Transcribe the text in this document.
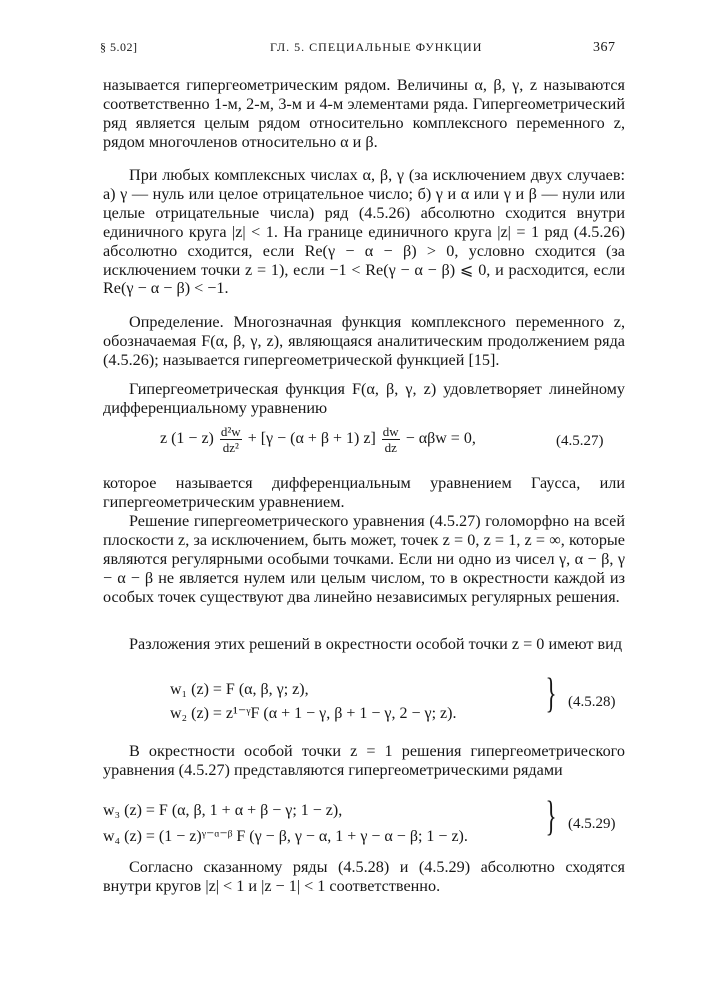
§ 5.02]	ГЛ. 5. СПЕЦИАЛЬНЫЕ ФУНКЦИИ	367
называется гипергеометрическим рядом. Величины α, β, γ, z называются соответственно 1-м, 2-м, 3-м и 4-м элементами ряда. Гипергеометрический ряд является целым рядом относительно комплексного переменного z, рядом многочленов относительно α и β.
При любых комплексных числах α, β, γ (за исключением двух случаев: а) γ — нуль или целое отрицательное число; б) γ и α или γ и β — нули или целые отрицательные числа) ряд (4.5.26) абсолютно сходится внутри единичного круга |z| < 1. На границе единичного круга |z| = 1 ряд (4.5.26) абсолютно сходится, если Re(γ − α − β) > 0, условно сходится (за исключением точки z = 1), если −1 < Re(γ − α − β) ⩽ 0, и расходится, если Re(γ − α − β) < −1.
Определение. Многозначная функция комплексного переменного z, обозначаемая F(α, β, γ, z), являющаяся аналитическим продолжением ряда (4.5.26); называется гипергеометрической функцией [15].
Гипергеометрическая функция F(α, β, γ, z) удовлетворяет линейному дифференциальному уравнению
z $(1 - z) \frac{\text{d²w}}{\text{dz²}} + [\gamma - (\alpha + \beta + 1)$ $z] \frac{dw}{dz} - \alpha\beta w = 0$,	(4.5.27)
которое называется дифференциальным уравнением Гаусса, или гипергеометрическим уравнением.
Решение гипергеометрического уравнения (4.5.27) голоморфно на всей плоскости z, за исключением, быть может, точек z = 0, z = 1, z = ∞, которые являются регулярными особыми точками. Если ни одно из чисел γ, α − β, γ − α − β не является нулем или целым числом, то в окрестности каждой из особых точек существуют два линейно независимых регулярных решения.
Разложения этих решений в окрестности особой точки z = 0 имеют вид
w₁ (z) = F (α, β, γ; z),
w₂ (z) = z¹⁻ᵞF (α + 1 − γ, β + 1 − γ, 2 − γ; z). } (4.5.28)
В окрестности особой точки z = 1 решения гипергеометрического уравнения (4.5.27) представляются гипергеометрическими рядами
w₃ (z) = F (α, β, 1 + α + β − γ; 1 − z),
w₄ (z) = (1 − z)ᵞ⁻ᵅ⁻ᵝ F (γ − β, γ − α, 1 + γ − α − β; 1 − z). } (4.5.29)
Согласно сказанному ряды (4.5.28) и (4.5.29) абсолютно сходятся внутри кругов |z| < 1 и |z − 1| < 1 соответственно.
